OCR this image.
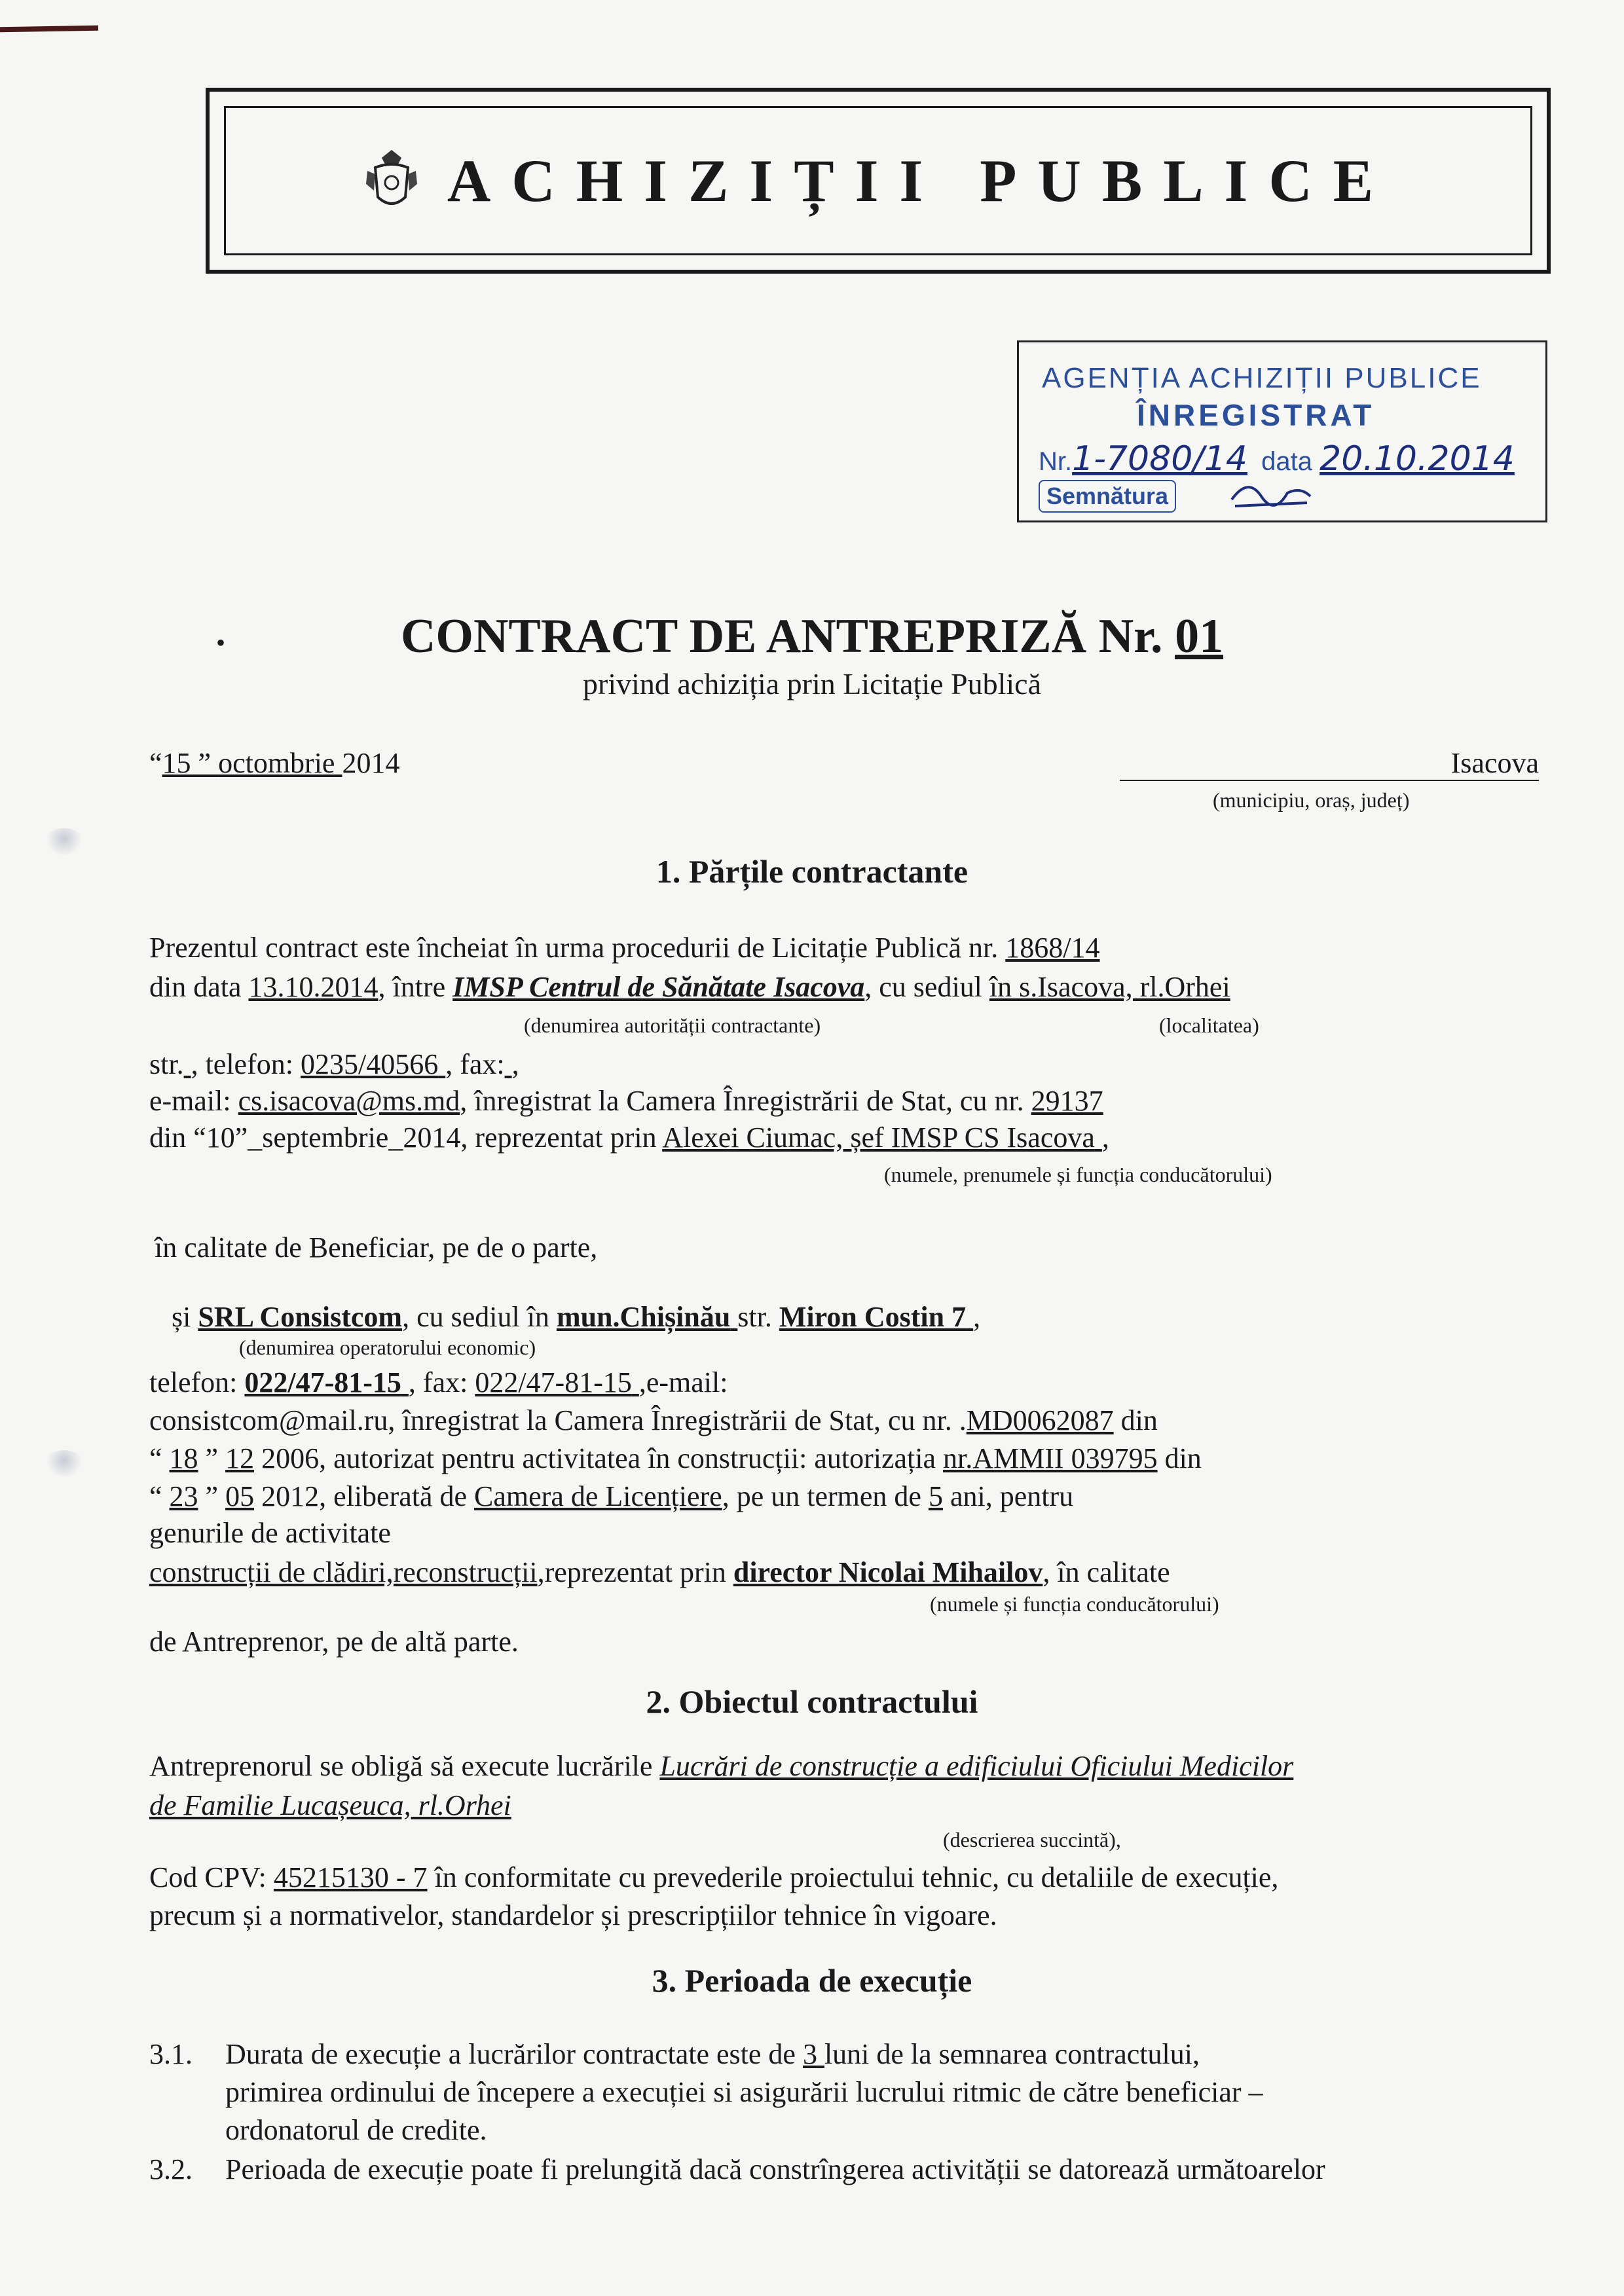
ACHIZIȚII PUBLICE
AGENȚIA ACHIZIȚII PUBLICE
ÎNREGISTRAT
Nr.1-7080/14 data 20.10.2014
Semnătura
•	CONTRACT DE ANTREPRIZĂ Nr. 01
privind achiziția prin Licitație Publică
“15 ” octombrie 2014	Isacova
(municipiu, oraș, județ)
1. Părțile contractante
Prezentul contract este încheiat în urma procedurii de Licitație Publică nr. 1868/14
din data 13.10.2014, între IMSP Centrul de Sănătate Isacova, cu sediul în s.Isacova, rl.Orhei
(denumirea autorității contractante)	(localitatea)
str. , telefon: 0235/40566 , fax: ,
e-mail: cs.isacova@ms.md, înregistrat la Camera Înregistrării de Stat, cu nr. 29137
din “10”_septembrie_2014, reprezentat prin Alexei Ciumac, șef IMSP CS Isacova ,
(numele, prenumele și funcția conducătorului)
în calitate de Beneficiar, pe de o parte,
și SRL Consistcom, cu sediul în mun.Chișinău str. Miron Costin 7 ,
(denumirea operatorului economic)
telefon: 022/47-81-15 , fax: 022/47-81-15 ,e-mail:
consistcom@mail.ru, înregistrat la Camera Înregistrării de Stat, cu nr. .MD0062087 din
“ 18 ” 12 2006, autorizat pentru activitatea în construcții: autorizația nr.AMMII 039795 din
“ 23 ” 05 2012, eliberată de Camera de Licențiere, pe un termen de 5 ani, pentru
genurile de activitate
construcții de clădiri,reconstrucții,reprezentat prin director Nicolai Mihailov, în calitate
(numele și funcția conducătorului)
de Antreprenor, pe de altă parte.
2. Obiectul contractului
Antreprenorul se obligă să execute lucrările Lucrări de construcție a edificiului Oficiului Medicilor
de Familie Lucașeuca, rl.Orhei
(descrierea succintă),
Cod CPV: 45215130 - 7 în conformitate cu prevederile proiectului tehnic, cu detaliile de execuție,
precum și a normativelor, standardelor și prescripțiilor tehnice în vigoare.
3. Perioada de execuție
3.1. Durata de execuție a lucrărilor contractate este de 3 luni de la semnarea contractului,
primirea ordinului de începere a execuției si asigurării lucrului ritmic de către beneficiar –
ordonatorul de credite.
3.2. Perioada de execuție poate fi prelungită dacă constrîngerea activității se datorează următoarelor
